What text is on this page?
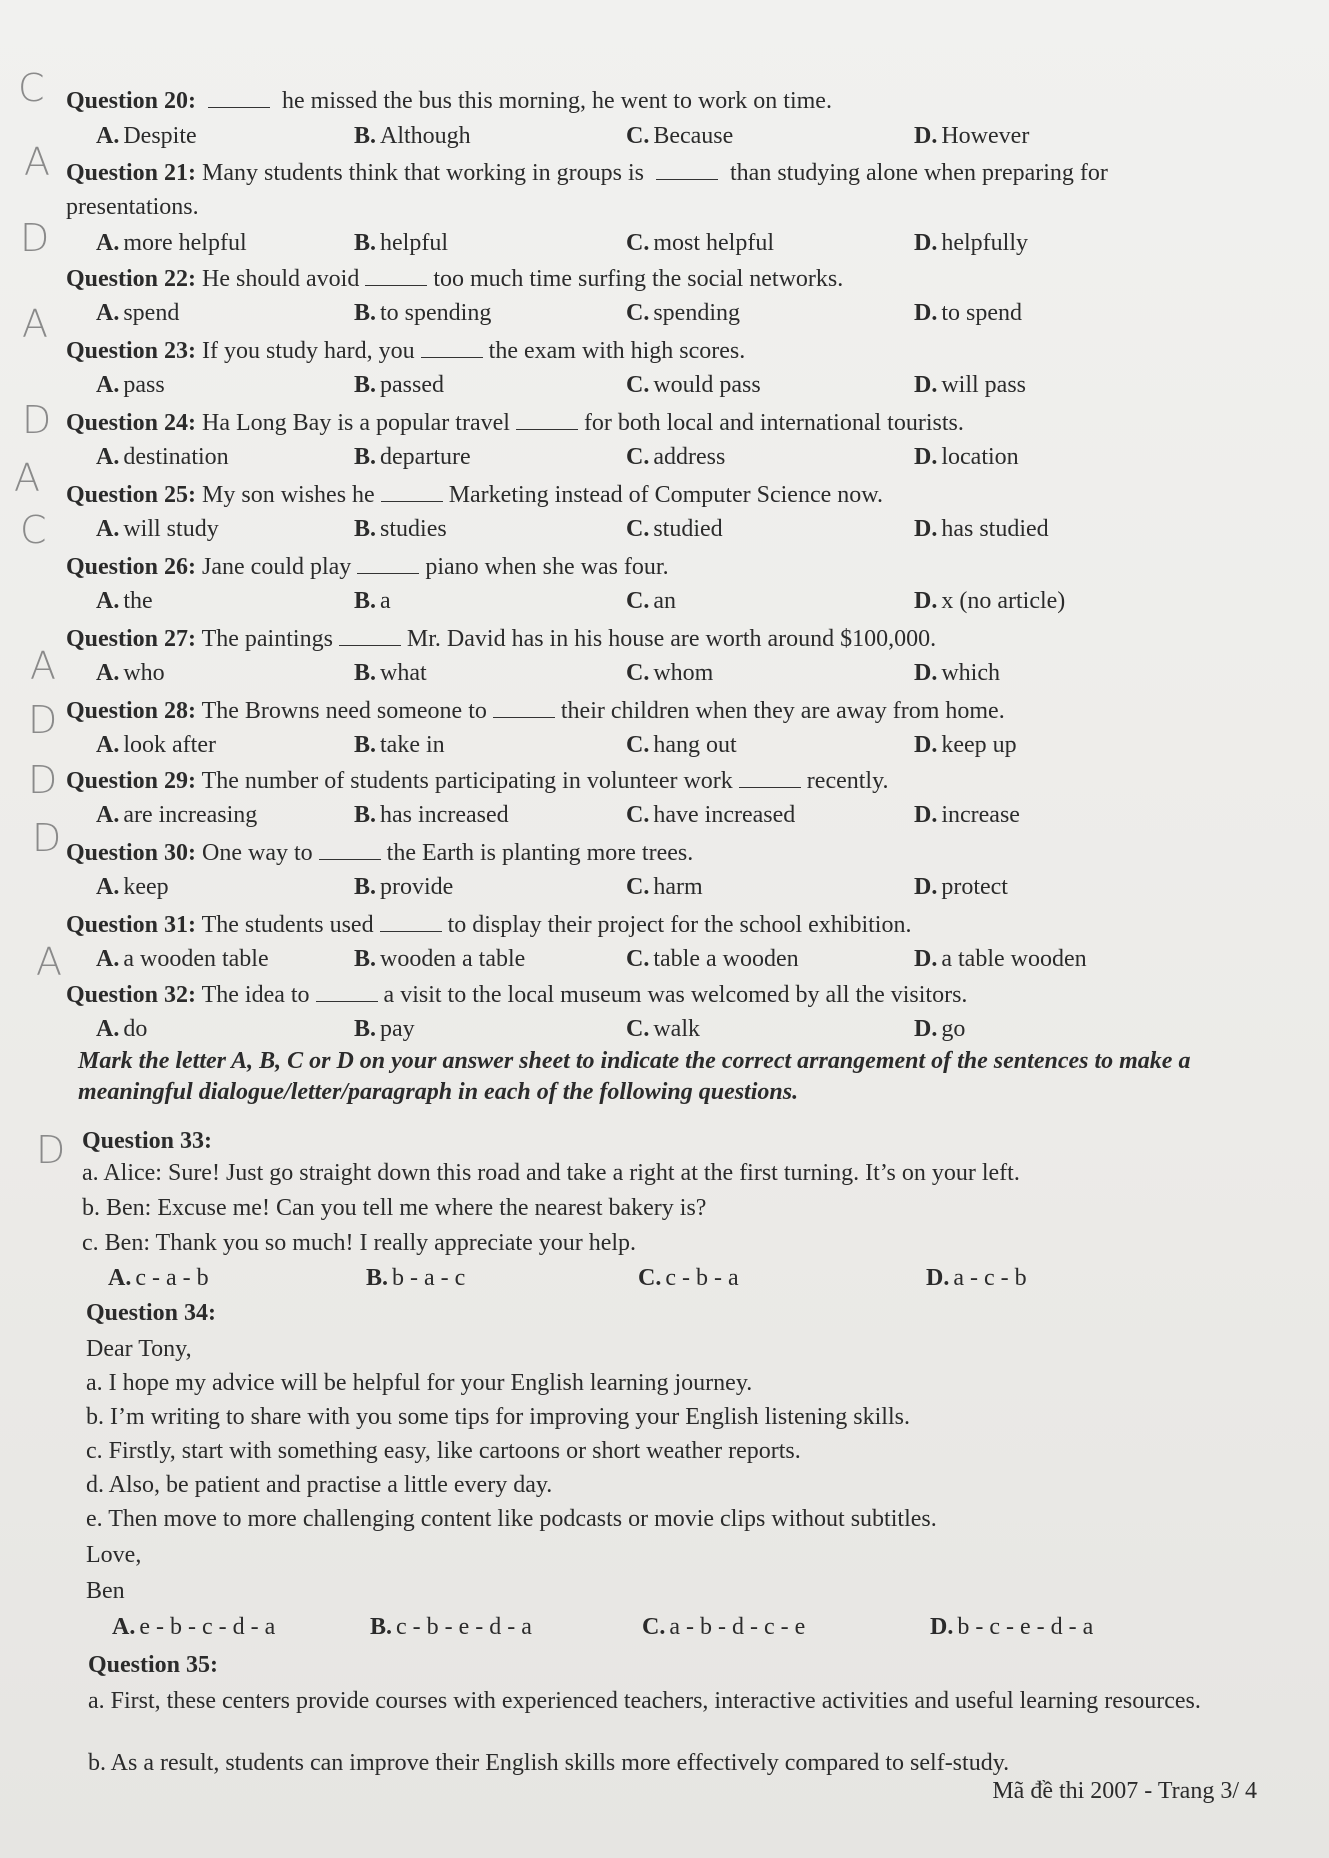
C
A
D
A
D
A
C
D
D
A
D
A
D
Question 20:	he missed the bus this morning, he went to work on time.
A. Despite	B. Although	C. Because	D. However
Question 21: Many students think that working in groups is	than studying alone when preparing for
presentations.
A. more helpful	B. helpful	C. most helpful	D. helpfully
Question 22: He should avoid	too much time surfing the social networks.
A. spend	B. to spending	C. spending	D. to spend
Question 23: If you study hard, you	the exam with high scores.
A. pass	B. passed	C. would pass	D. will pass
Question 24: Ha Long Bay is a popular travel	for both local and international tourists.
A. destination	B. departure	C. address	D. location
Question 25: My son wishes he	Marketing instead of Computer Science now.
A. will study	B. studies	C. studied	D. has studied
Question 26: Jane could play	piano when she was four.
A. the	B. a	C. an	D. x (no article)
Question 27: The paintings	Mr. David has in his house are worth around $100,000.
A. who	B. what	C. whom	D. which
Question 28: The Browns need someone to	their children when they are away from home.
A. look after	B. take in	C. hang out	D. keep up
Question 29: The number of students participating in volunteer work	recently.
A. are increasing	B. has increased	C. have increased	D. increase
Question 30: One way to	the Earth is planting more trees.
A. keep	B. provide	C. harm	D. protect
Question 31: The students used	to display their project for the school exhibition.
A. a wooden table	B. wooden a table	C. table a wooden	D. a table wooden
Question 32: The idea to	a visit to the local museum was welcomed by all the visitors.
A. do	B. pay	C. walk	D. go
Mark the letter A, B, C or D on your answer sheet to indicate the correct arrangement of the sentences to make a meaningful dialogue/letter/paragraph in each of the following questions.
Question 33:
a. Alice: Sure! Just go straight down this road and take a right at the first turning. It’s on your left.
b. Ben: Excuse me! Can you tell me where the nearest bakery is?
c. Ben: Thank you so much! I really appreciate your help.
A. c - a - b	B. b - a - c	C. c - b - a	D. a - c - b
Question 34:
Dear Tony,
a. I hope my advice will be helpful for your English learning journey.
b. I’m writing to share with you some tips for improving your English listening skills.
c. Firstly, start with something easy, like cartoons or short weather reports.
d. Also, be patient and practise a little every day.
e. Then move to more challenging content like podcasts or movie clips without subtitles.
Love,
Ben
A. e - b - c - d - a	B. c - b - e - d - a	C. a - b - d - c - e	D. b - c - e - d - a
Question 35:
a. First, these centers provide courses with experienced teachers, interactive activities and useful learning resources.
b. As a result, students can improve their English skills more effectively compared to self-study.
Mã đề thi 2007 - Trang 3/ 4
